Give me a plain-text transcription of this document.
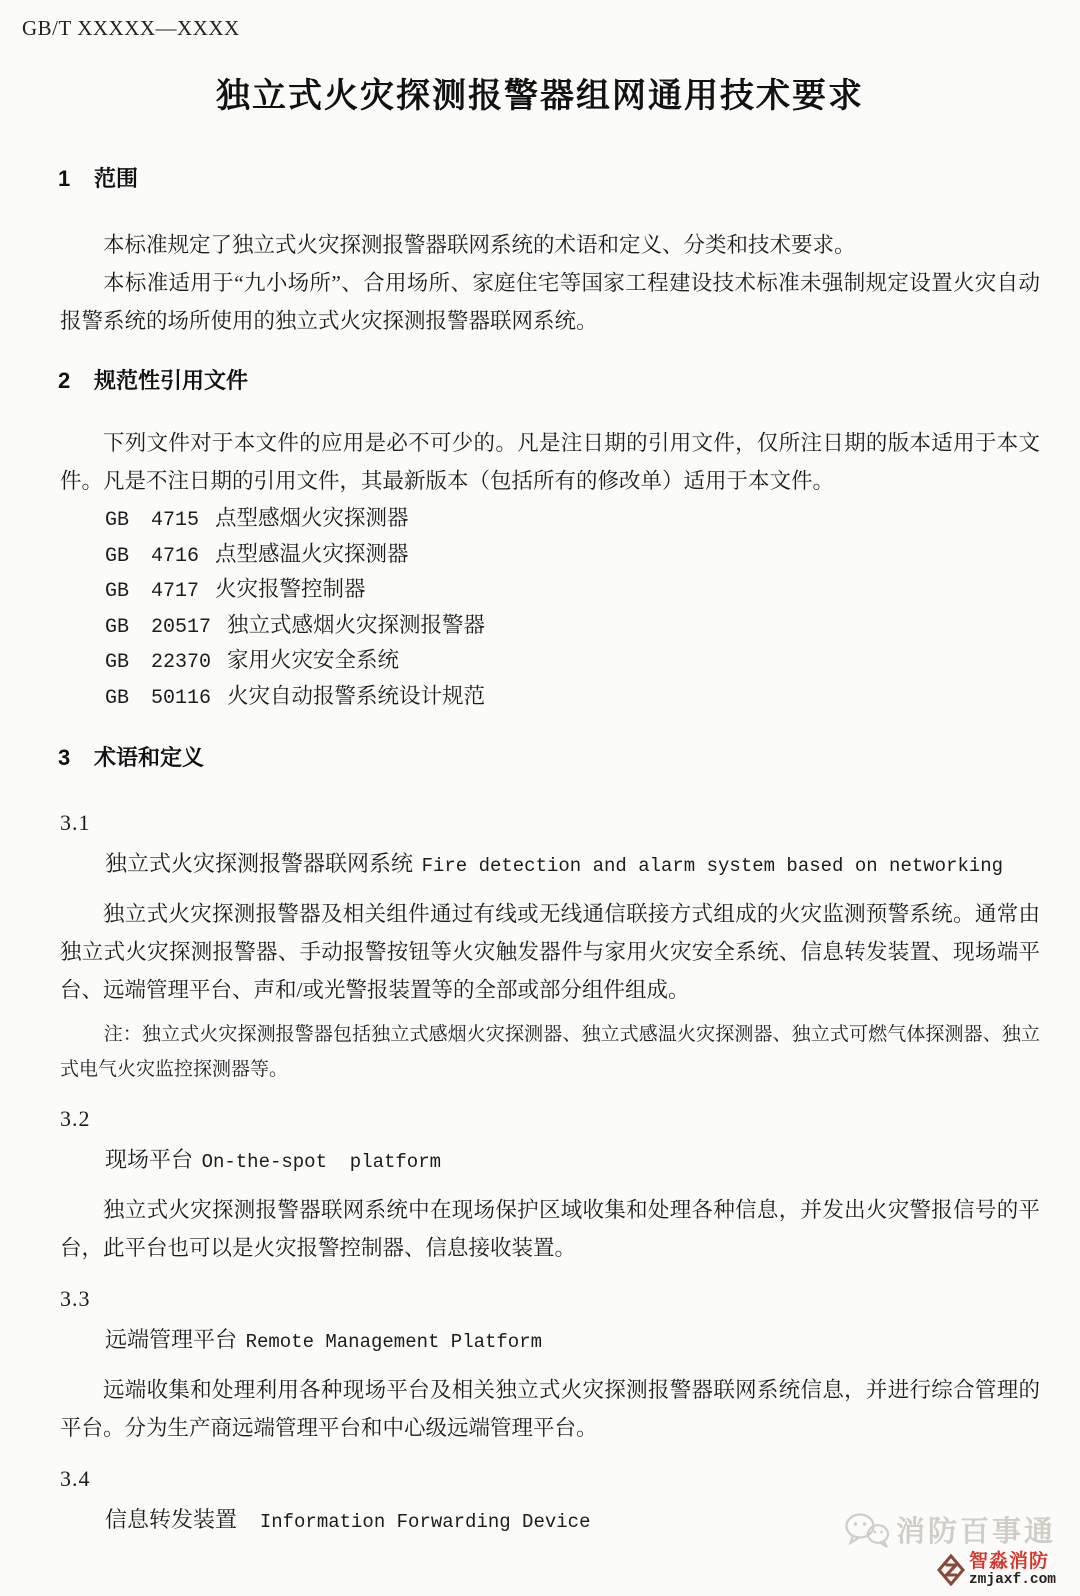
GB/T XXXXX—XXXX
独立式火灾探测报警器组网通用技术要求
1 范围

本标准规定了独立式火灾探测报警器联网系统的术语和定义、分类和技术要求。

本标准适用于“九小场所”、合用场所、家庭住宅等国家工程建设技术标准未强制规定设置火灾自动报警系统的场所使用的独立式火灾探测报警器联网系统。

2 规范性引用文件

下列文件对于本文件的应用是必不可少的。凡是注日期的引用文件，仅所注日期的版本适用于本文件。凡是不注日期的引用文件，其最新版本（包括所有的修改单）适用于本文件。

GB 4715 点型感烟火灾探测器
GB 4716 点型感温火灾探测器
GB 4717 火灾报警控制器
GB 20517 独立式感烟火灾探测报警器
GB 22370 家用火灾安全系统
GB 50116 火灾自动报警系统设计规范
3 术语和定义
3.1
独立式火灾探测报警器联网系统 Fire detection and alarm system based on networking

独立式火灾探测报警器及相关组件通过有线或无线通信联接方式组成的火灾监测预警系统。通常由独立式火灾探测报警器、手动报警按钮等火灾触发器件与家用火灾安全系统、信息转发装置、现场端平台、远端管理平台、声和/或光警报装置等的全部或部分组件组成。

注：独立式火灾探测报警器包括独立式感烟火灾探测器、独立式感温火灾探测器、独立式可燃气体探测器、独立式电气火灾监控探测器等。

3.2
现场平台 On-the-spot  platform

独立式火灾探测报警器联网系统中在现场保护区域收集和处理各种信息，并发出火灾警报信号的平台，此平台也可以是火灾报警控制器、信息接收装置。

3.3
远端管理平台 Remote Management Platform

远端收集和处理利用各种现场平台及相关独立式火灾探测报警器联网系统信息，并进行综合管理的平台。分为生产商远端管理平台和中心级远端管理平台。

3.4
信息转发装置 Information Forwarding Device	消防百事通
智淼消防
zmjaxf.com
